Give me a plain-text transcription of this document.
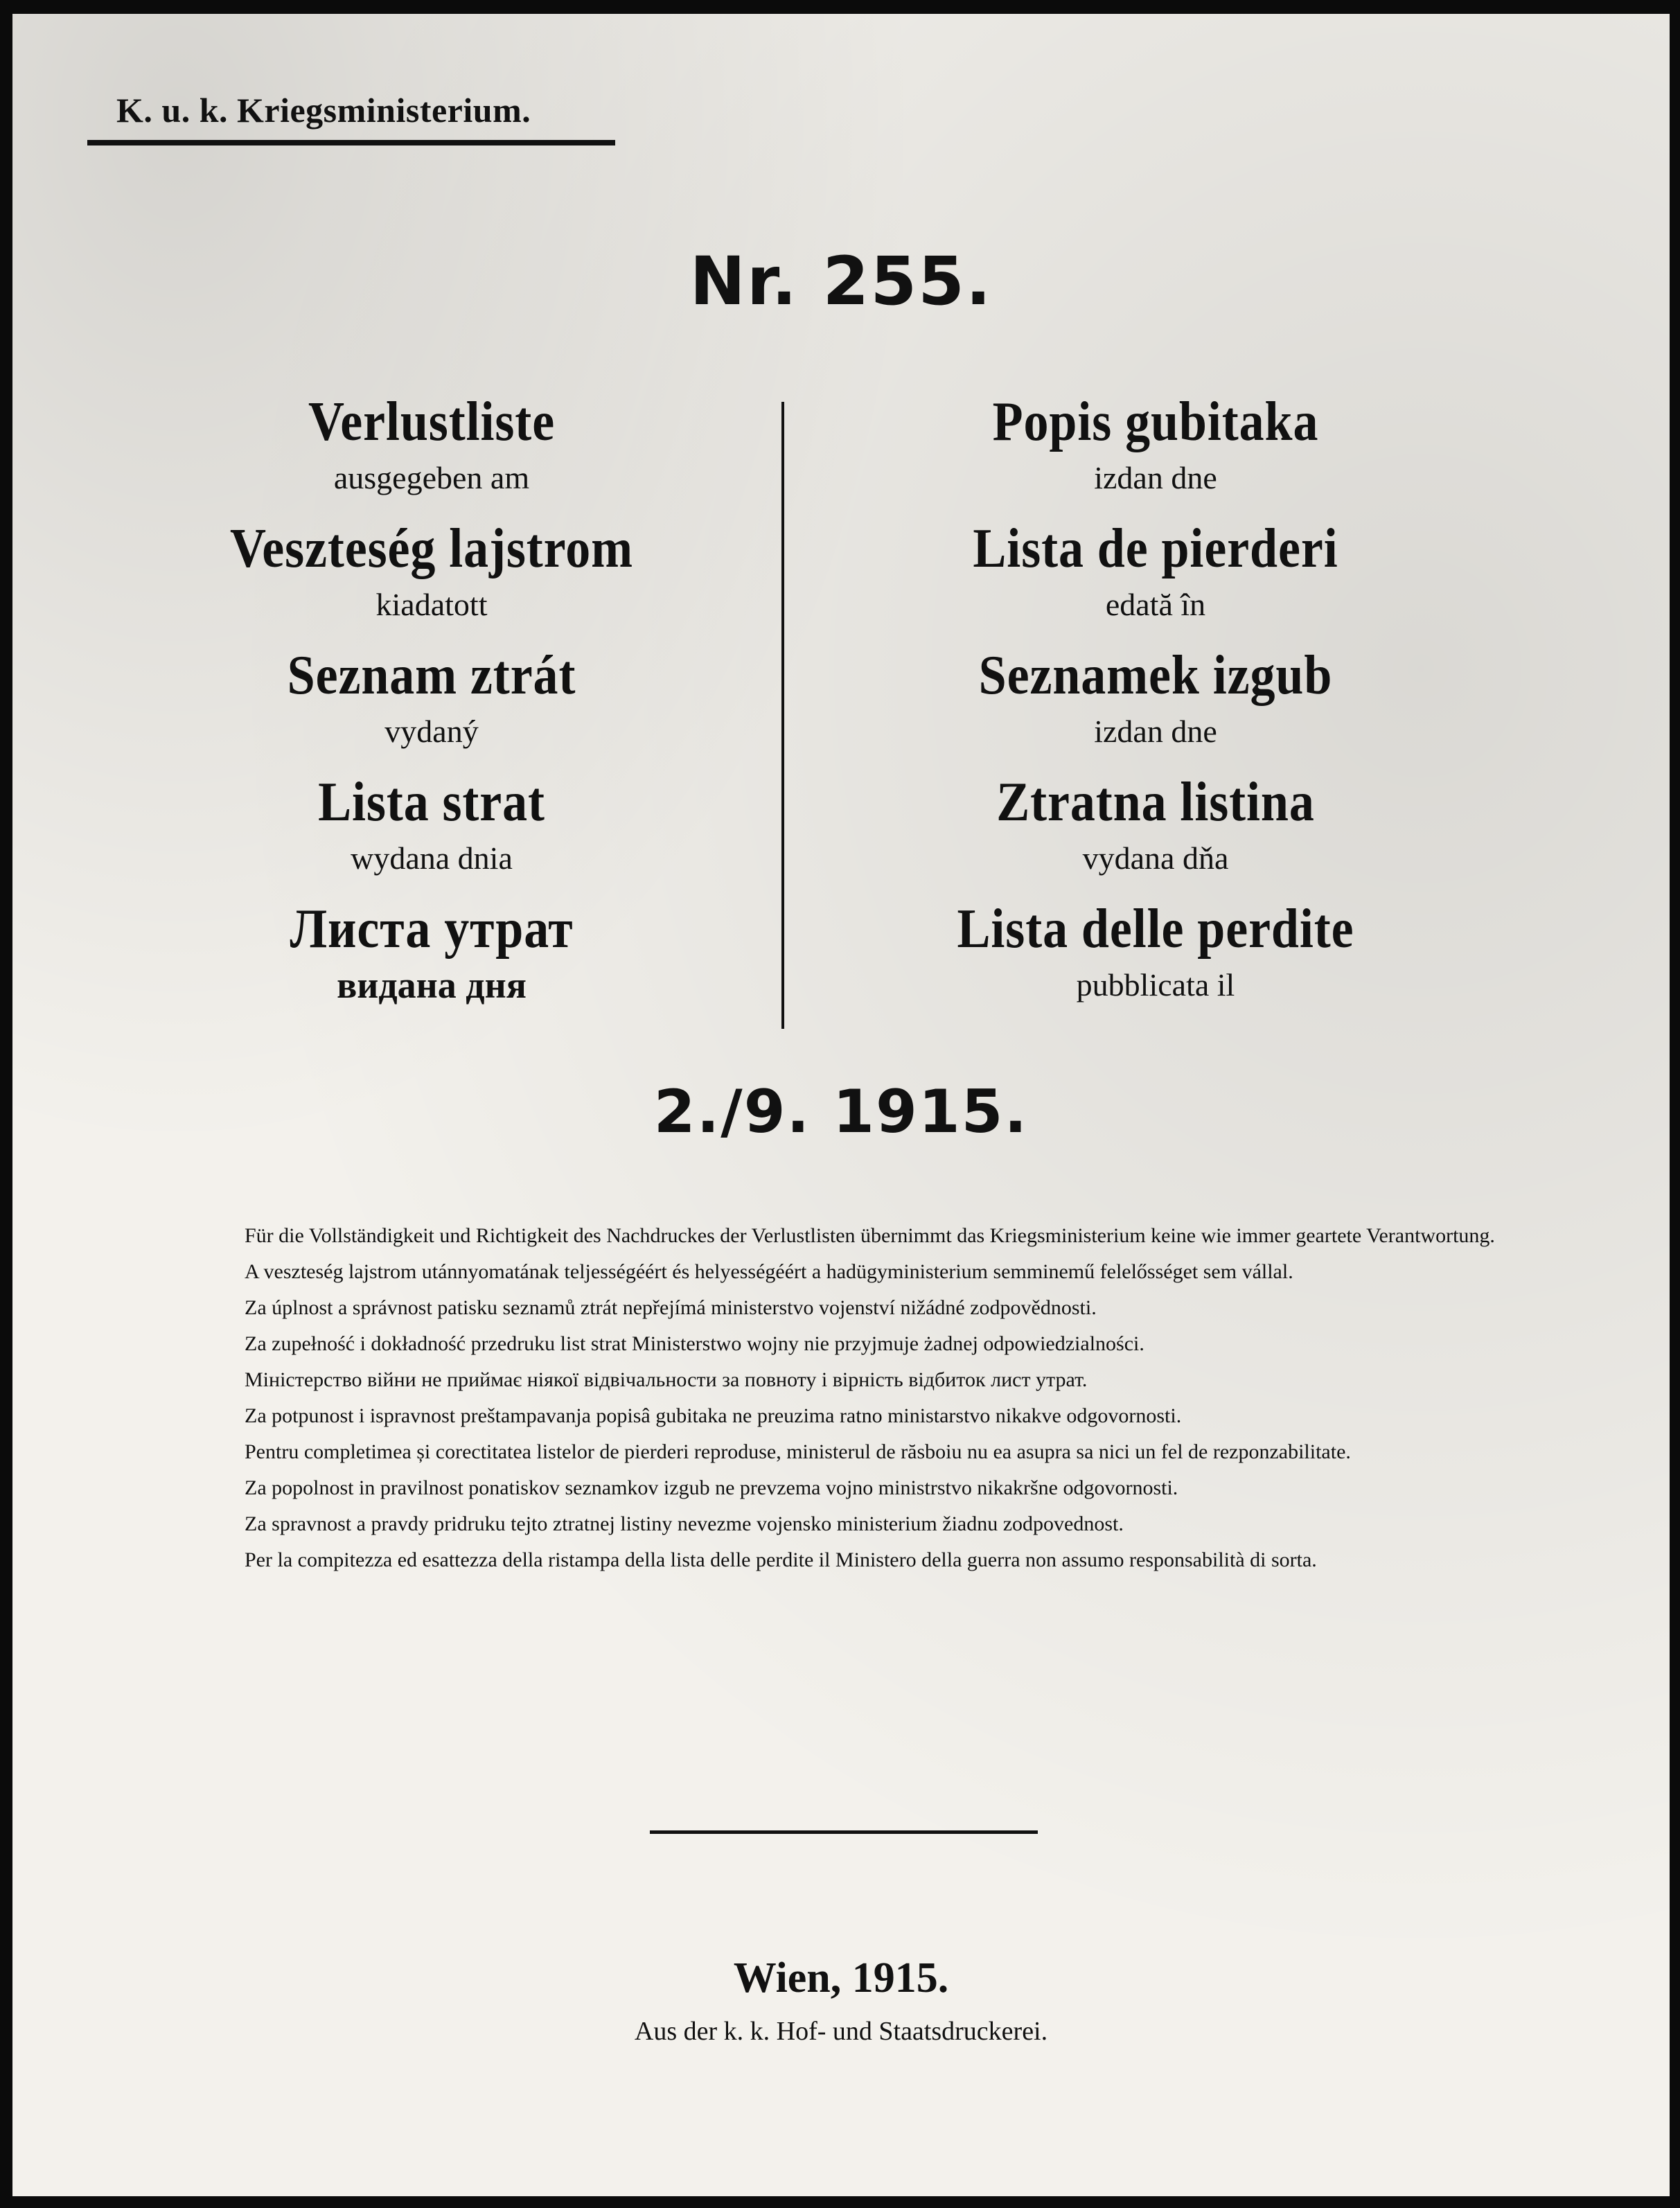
K. u. k. Kriegsministerium.
Nr. 255.
Verlustliste
ausgegeben am
Veszteség lajstrom
kiadatott
Seznam ztrát
vydaný
Lista strat
wydana dnia
Листа утрат
видана дня
Popis gubitaka
izdan dne
Lista de pierderi
edată în
Seznamek izgub
izdan dne
Ztratna listina
vydana dňa
Lista delle perdite
pubblicata il
2./9. 1915.

Für die Vollständigkeit und Richtigkeit des Nachdruckes der Verlustlisten übernimmt das Kriegsministerium keine wie immer geartete Verantwortung.

A veszteség lajstrom utánnyomatának teljességéért és helyességéért a hadügyministerium semminemű felelősséget sem vállal.

Za úplnost a správnost patisku seznamů ztrát nepřejímá ministerstvo vojenství nižádné zodpovědnosti.

Za zupełność i dokładność przedruku list strat Ministerstwo wojny nie przyjmuje żadnej odpowiedzialności.

Міністерство війни не приймає ніякої відвічальности за повноту і вірність відбиток лист утрат.

Za potpunost i ispravnost preštampavanja popisâ gubitaka ne preuzima ratno ministarstvo nikakve odgovornosti.

Pentru completimea și corectitatea listelor de pierderi reproduse, ministerul de răsboiu nu ea asupra sa nici un fel de rezponzabilitate.

Za popolnost in pravilnost ponatiskov seznamkov izgub ne prevzema vojno ministrstvo nikakršne odgovornosti.

Za spravnost a pravdy pridruku tejto ztratnej listiny nevezme vojensko ministerium žiadnu zodpovednost.

Per la compitezza ed esattezza della ristampa della lista delle perdite il Ministero della guerra non assumo responsabilità di sorta.

Wien, 1915.
Aus der k. k. Hof- und Staatsdruckerei.
